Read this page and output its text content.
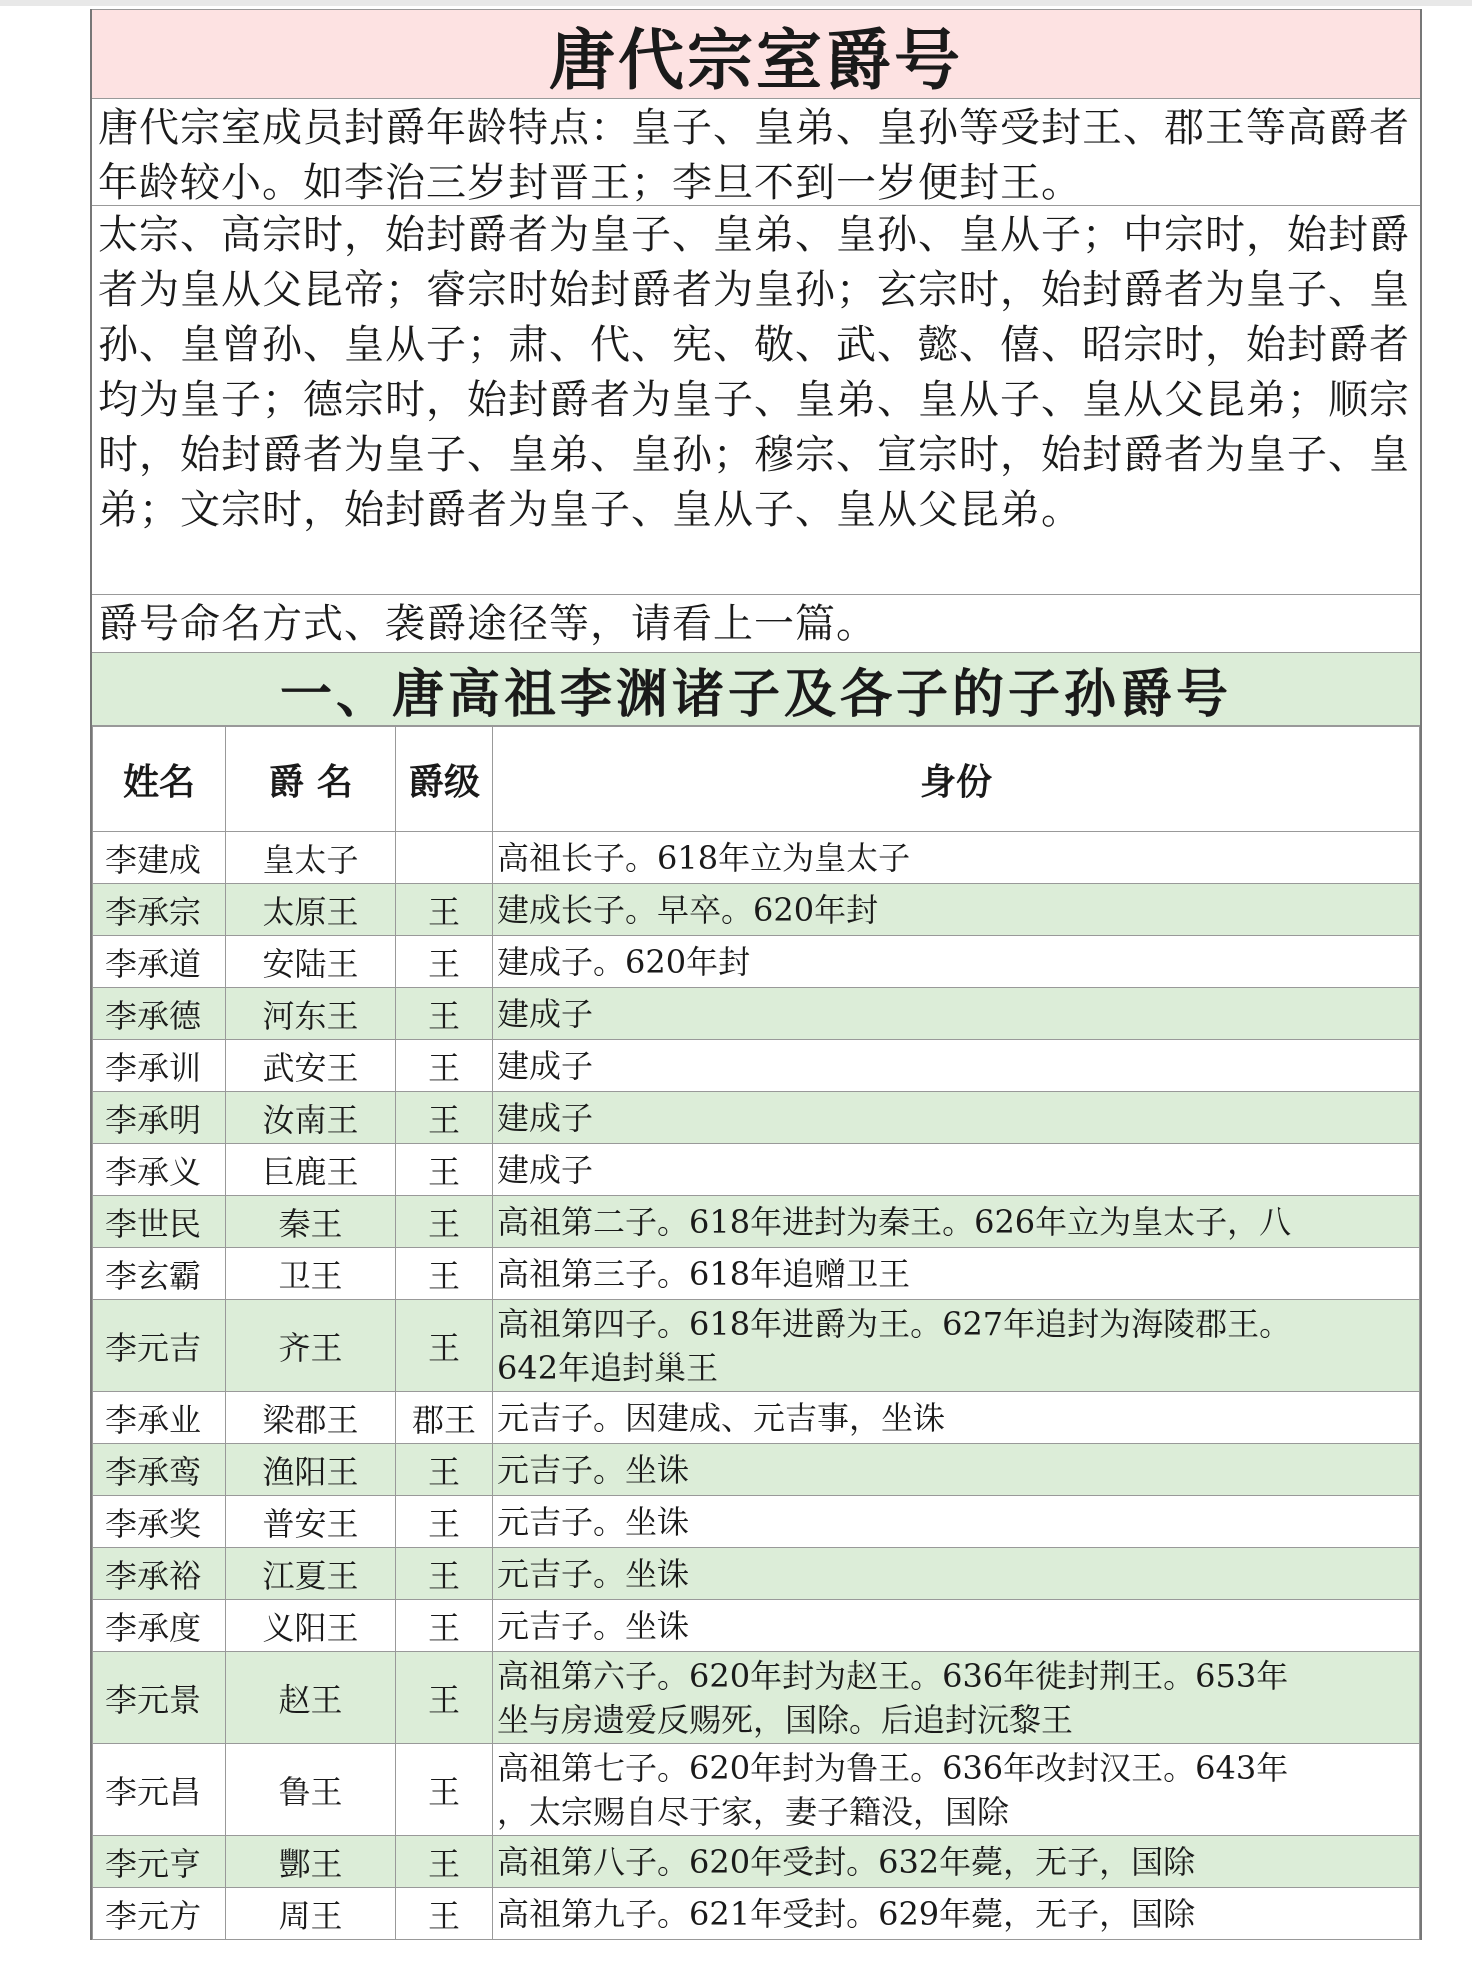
唐代宗室爵号
唐代宗室成员封爵年龄特点：皇子、皇弟、皇孙等受封王、郡王等高爵者年龄较小。如李治三岁封晋王；李旦不到一岁便封王。
太宗、高宗时，始封爵者为皇子、皇弟、皇孙、皇从子；中宗时，始封爵者为皇从父昆帝；睿宗时始封爵者为皇孙；玄宗时，始封爵者为皇子、皇孙、皇曾孙、皇从子；肃、代、宪、敬、武、懿、僖、昭宗时，始封爵者均为皇子；德宗时，始封爵者为皇子、皇弟、皇从子、皇从父昆弟；顺宗时，始封爵者为皇子、皇弟、皇孙；穆宗、宣宗时，始封爵者为皇子、皇弟；文宗时，始封爵者为皇子、皇从子、皇从父昆弟。
爵号命名方式、袭爵途径等，请看上一篇。
一、唐高祖李渊诸子及各子的子孙爵号
姓名	爵 名	爵级	身份
李建成	皇太子		高祖长子。618年立为皇太子

李承宗	太原王	王	建成长子。早卒。620年封

李承道	安陆王	王	建成子。620年封

李承德	河东王	王	建成子

李承训	武安王	王	建成子

李承明	汝南王	王	建成子

李承义	巨鹿王	王	建成子

李世民	秦王	王	高祖第二子。618年进封为秦王。626年立为皇太子，八

李玄霸	卫王	王	高祖第三子。618年追赠卫王

李元吉	齐王	王	高祖第四子。618年进爵为王。627年追封为海陵郡王。
642年追封巢王

李承业	梁郡王	郡王	元吉子。因建成、元吉事，坐诛

李承鸾	渔阳王	王	元吉子。坐诛

李承奖	普安王	王	元吉子。坐诛

李承裕	江夏王	王	元吉子。坐诛

李承度	义阳王	王	元吉子。坐诛

李元景	赵王	王	高祖第六子。620年封为赵王。636年徙封荆王。653年
坐与房遗爱反赐死，国除。后追封沅黎王

李元昌	鲁王	王	高祖第七子。620年封为鲁王。636年改封汉王。643年
，太宗赐自尽于家，妻子籍没，国除

李元亨	酆王	王	高祖第八子。620年受封。632年薨，无子，国除

李元方	周王	王	高祖第九子。621年受封。629年薨，无子，国除
